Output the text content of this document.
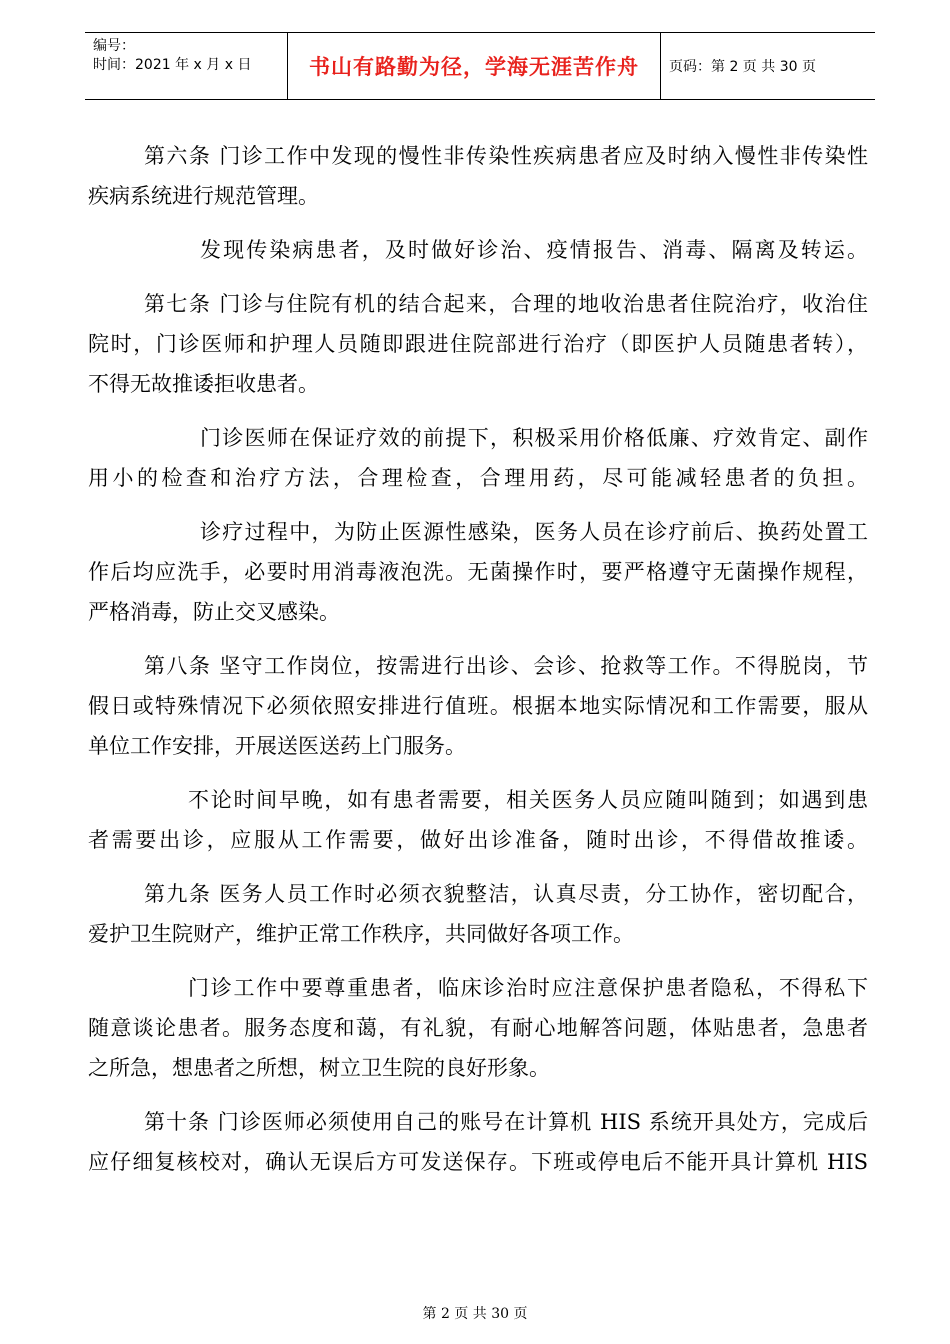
编号：
时间：2021 年 x 月 x 日	书山有路勤为径，学海无涯苦作舟	页码：第 2 页 共 30 页

第六条 门诊工作中发现的慢性非传染性疾病患者应及时纳入慢性非传染性

疾病系统进行规范管理。

发现传染病患者，及时做好诊治、疫情报告、消毒、隔离及转运。

第七条 门诊与住院有机的结合起来，合理的地收治患者住院治疗，收治住

院时，门诊医师和护理人员随即跟进住院部进行治疗（即医护人员随患者转），

不得无故推诿拒收患者。

门诊医师在保证疗效的前提下，积极采用价格低廉、疗效肯定、副作

用小的检查和治疗方法，合理检查，合理用药，尽可能减轻患者的负担。

诊疗过程中，为防止医源性感染，医务人员在诊疗前后、换药处置工

作后均应洗手，必要时用消毒液泡洗。无菌操作时，要严格遵守无菌操作规程，

严格消毒，防止交叉感染。

第八条 坚守工作岗位，按需进行出诊、会诊、抢救等工作。不得脱岗，节

假日或特殊情况下必须依照安排进行值班。根据本地实际情况和工作需要，服从

单位工作安排，开展送医送药上门服务。

不论时间早晚，如有患者需要，相关医务人员应随叫随到；如遇到患

者需要出诊，应服从工作需要，做好出诊准备，随时出诊，不得借故推诿。

第九条 医务人员工作时必须衣貌整洁，认真尽责，分工协作，密切配合，

爱护卫生院财产，维护正常工作秩序，共同做好各项工作。

门诊工作中要尊重患者，临床诊治时应注意保护患者隐私，不得私下

随意谈论患者。服务态度和蔼，有礼貌，有耐心地解答问题，体贴患者，急患者

之所急，想患者之所想，树立卫生院的良好形象。

第十条 门诊医师必须使用自己的账号在计算机 HIS 系统开具处方，完成后

应仔细复核校对，确认无误后方可发送保存。下班或停电后不能开具计算机 HIS

第 2 页 共 30 页
